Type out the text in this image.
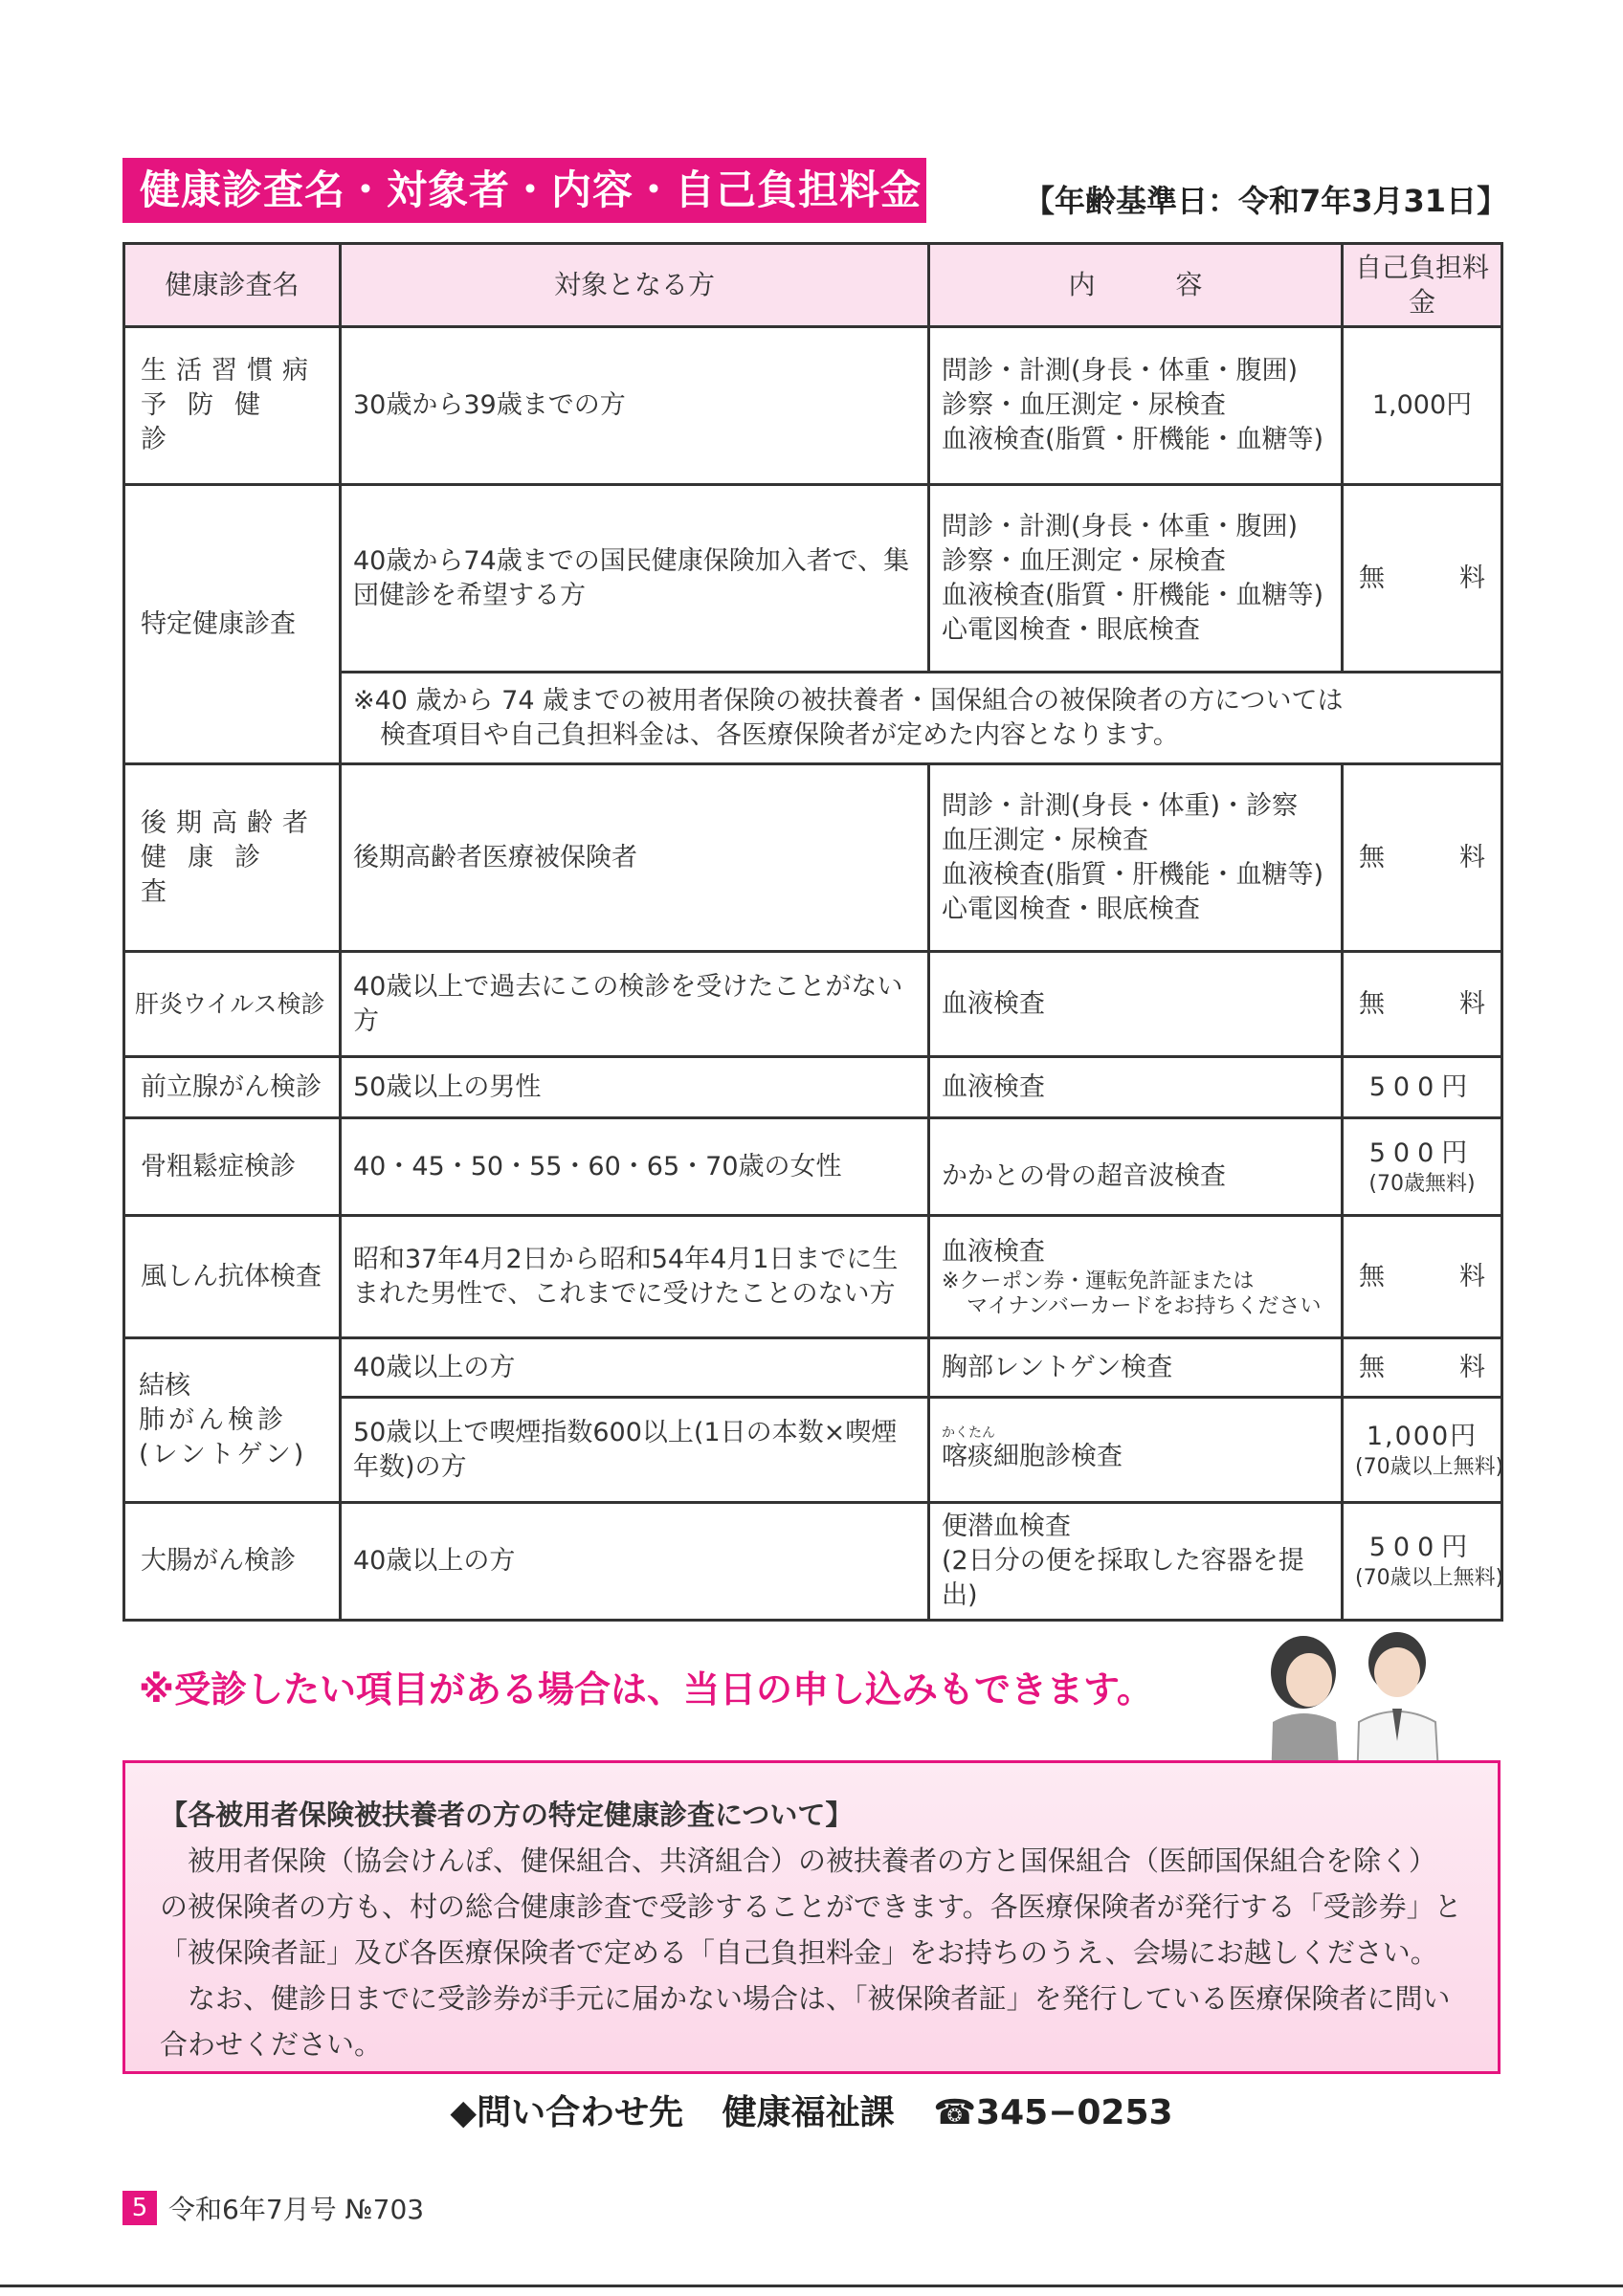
健康診査名・対象者・内容・自己負担料金	【年齢基準日：令和7年3月31日】
健康診査名	対象となる方	内　　　容	自己負担料金
生活習慣病
予防健診	30歳から39歳までの方	問診・計測(身長・体重・腹囲)
診察・血圧測定・尿検査
血液検査(脂質・肝機能・血糖等)	1,000円
特定健康診査	40歳から74歳までの国民健康保険加入者で、集団健診を希望する方	問診・計測(身長・体重・腹囲)
診察・血圧測定・尿検査
血液検査(脂質・肝機能・血糖等)
心電図検査・眼底検査	無 料

	※40 歳から 74 歳までの被用者保険の被扶養者・国保組合の被保険者の方については
検査項目や自己負担料金は、各医療保険者が定めた内容となります。		
後期高齢者
健康診査	後期高齢者医療被保険者	問診・計測(身長・体重)・診察
血圧測定・尿検査
血液検査(脂質・肝機能・血糖等)
心電図検査・眼底検査	無 料

肝炎ウイルス検診	40歳以上で過去にこの検診を受けたことがない方	血液検査	無 料

前立腺がん検診	50歳以上の男性	血液検査	500円
骨粗鬆症検診	40・45・50・55・60・65・70歳の女性	かかとの骨の超音波検査	500円
(70歳無料)

風しん抗体検査	昭和37年4月2日から昭和54年4月1日までに生まれた男性で、これまでに受けたことのない方	血液検査
※クーポン券・運転免許証または
マイナンバーカードをお持ちください	無 料

結核
肺がん検診
(レントゲン)	40歳以上の方	胸部レントゲン検査	無 料

	50歳以上で喫煙指数600以上(1日の本数×喫煙年数)の方	かくたん
喀痰細胞診検査	1,000円
(70歳以上無料)

大腸がん検診	40歳以上の方	便潜血検査
(2日分の便を採取した容器を提出)	500円
(70歳以上無料)
※受診したい項目がある場合は、当日の申し込みもできます。
【各被用者保険被扶養者の方の特定健康診査について】

被用者保険（協会けんぽ、健保組合、共済組合）の被扶養者の方と国保組合（医師国保組合を除く）の被保険者の方も、村の総合健康診査で受診することができます。各医療保険者が発行する「受診券」と「被保険者証」及び各医療保険者で定める「自己負担料金」をお持ちのうえ、会場にお越しください。

なお、健診日までに受診券が手元に届かない場合は、「被保険者証」を発行している医療保険者に問い合わせください。

◆問い合わせ先 健康福祉課 ☎345−0253
5 令和6年7月号 №703
